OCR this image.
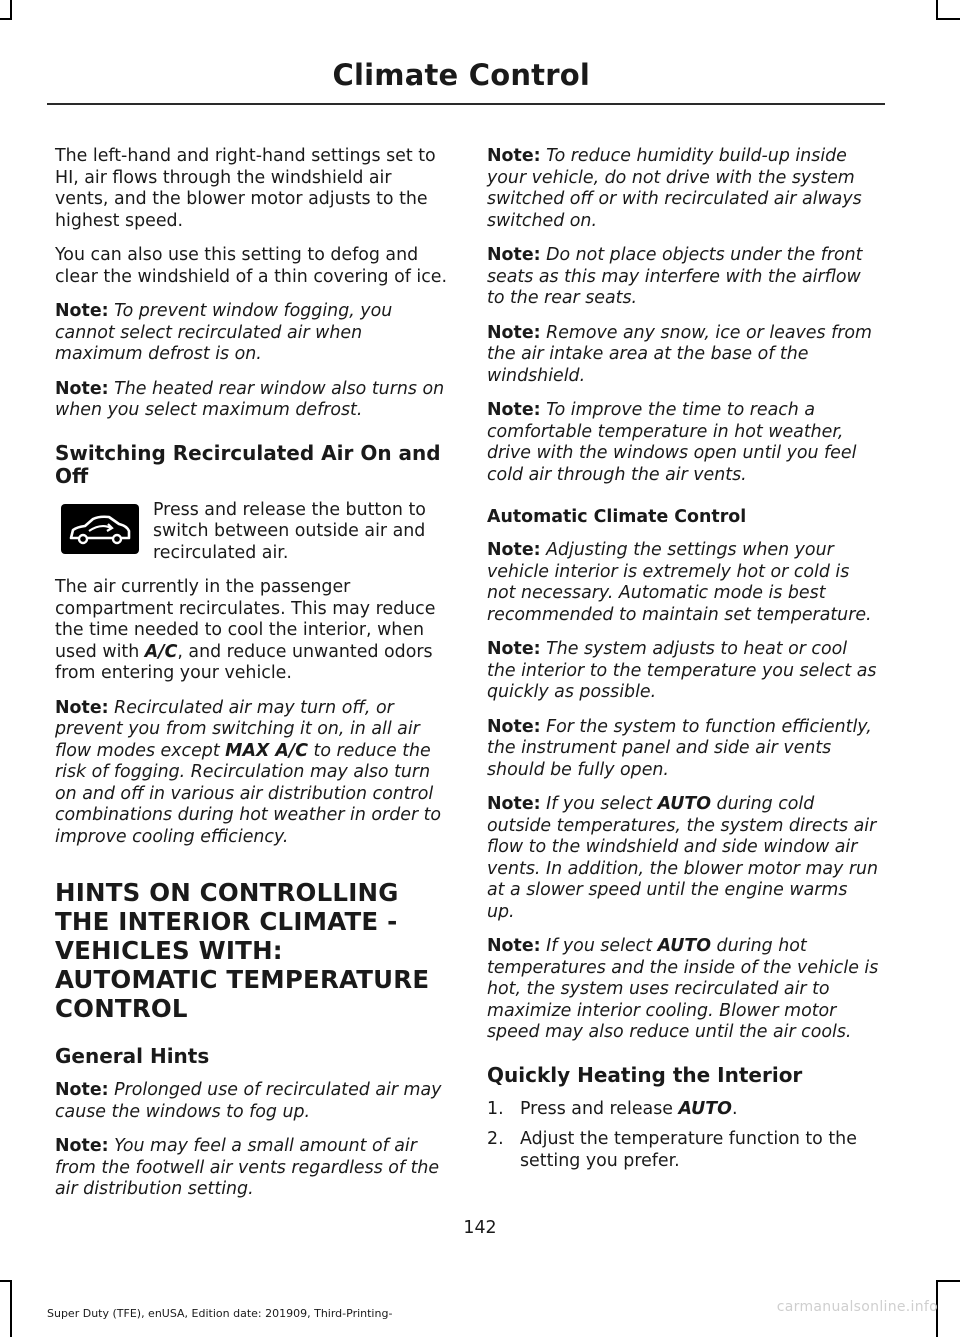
Climate Control

The left-hand and right-hand settings set to HI, air flows through the windshield air vents, and the blower motor adjusts to the highest speed.

You can also use this setting to defog and clear the windshield of a thin covering of ice.

Note: To prevent window fogging, you cannot select recirculated air when maximum defrost is on.

Note: The heated rear window also turns on when you select maximum defrost.

Switching Recirculated Air On and Off

Press and release the button to switch between outside air and recirculated air.

The air currently in the passenger compartment recirculates. This may reduce the time needed to cool the interior, when used with A/C, and reduce unwanted odors from entering your vehicle.

Note: Recirculated air may turn off, or prevent you from switching it on, in all air flow modes except MAX A/C to reduce the risk of fogging. Recirculation may also turn on and off in various air distribution control combinations during hot weather in order to improve cooling efficiency.

HINTS ON CONTROLLING THE INTERIOR CLIMATE - VEHICLES WITH: AUTOMATIC TEMPERATURE CONTROL
General Hints

Note: Prolonged use of recirculated air may cause the windows to fog up.

Note: You may feel a small amount of air from the footwell air vents regardless of the air distribution setting.

Note: To reduce humidity build-up inside your vehicle, do not drive with the system switched off or with recirculated air always switched on.

Note: Do not place objects under the front seats as this may interfere with the airflow to the rear seats.

Note: Remove any snow, ice or leaves from the air intake area at the base of the windshield.

Note: To improve the time to reach a comfortable temperature in hot weather, drive with the windows open until you feel cold air through the air vents.

Automatic Climate Control

Note: Adjusting the settings when your vehicle interior is extremely hot or cold is not necessary. Automatic mode is best recommended to maintain set temperature.

Note: The system adjusts to heat or cool the interior to the temperature you select as quickly as possible.

Note: For the system to function efficiently, the instrument panel and side air vents should be fully open.

Note: If you select AUTO during cold outside temperatures, the system directs air flow to the windshield and side window air vents. In addition, the blower motor may run at a slower speed until the engine warms up.

Note: If you select AUTO during hot temperatures and the inside of the vehicle is hot, the system uses recirculated air to maximize interior cooling. Blower motor speed may also reduce until the air cools.

Quickly Heating the Interior
1. Press and release AUTO.
2. Adjust the temperature function to the setting you prefer.

142

Super Duty (TFE), enUSA, Edition date: 201909, Third-Printing-	carmanualsonline.info
